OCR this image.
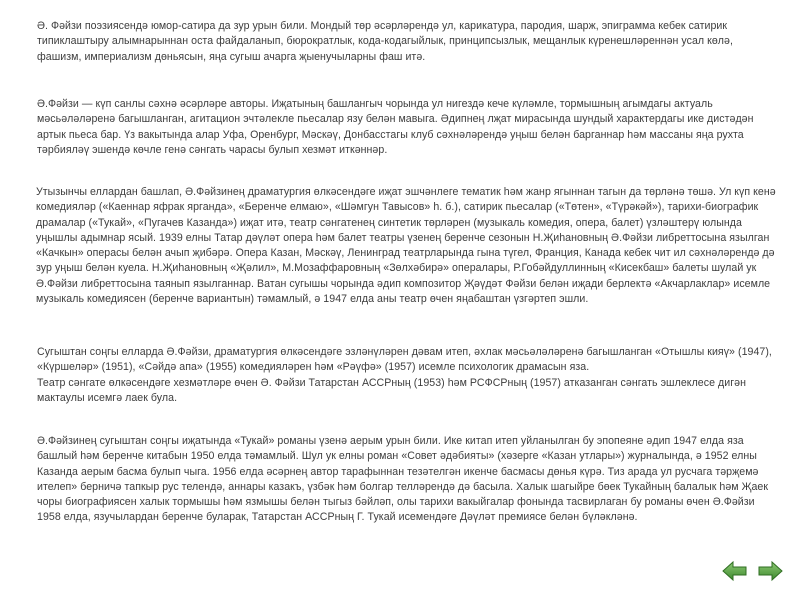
Ә. Фәйзи поэзиясендә юмор-сатира да зур урын били. Мондый төр әсәрләрендә ул, карикатура, пародия, шарж, эпиграмма кебек сатирик типиклаштыру алымнарыннан оста файдаланып, бюрократлык, кода-кодагыйлык, принципсызлык, мещанлык күренешләреннән усал көлә, фашизм, империализм дөньясын, яңа сугыш ачарга җыенучыларны фаш итә.

Ә.Фәйзи — күп санлы сәхнә әсәрләре авторы. Иҗатының башлангыч чорында ул нигездә кече күләмле, тормышның агымдагы актуаль мәсьәләләренә багышланган, агитацион эчтәлекле пьесалар язу белән мавыга. Әдипнең лҗат мирасында шундый характердагы ике дистәдән артык пьеса бар. Үз вакытында алар Уфа, Оренбург, Мәскәү, Донбасстагы клуб сәхнәләрендә уңыш белән барганнар һәм массаны яңа рухта тәрбияләү эшендә көчле генә сәнгать чарасы булып хезмәт иткәннәр.

Утызынчы еллардан башлап, Ә.Фәйзинең драматургия өлкәсендәге иҗат эшчәнлеге тематик һәм жанр ягыннан тагын да төрләнә төшә. Ул күп кенә комедияләр («Каеннар яфрак ярганда», «Беренче елмаю», «Шәмгун Тавысов» һ. б.), сатирик пьесалар («Төтен», «Түрәкәй»), тарихи-биографик драмалар («Тукай», «Пугачев Казанда») иҗат итә, театр сәнгатенең синтетик төрләрен (музыкаль комедия, опера, балет) үзләштерү юлында уңышлы адымнар ясый. 1939 елны Татар дәүләт опера һәм балет театры үзенең беренче сезонын Н.Җиһановның Ә.Фәйзи либреттосына язылган «Качкын» операсы белән ачып җибәрә. Опера Казан, Мәскәү, Ленинград театрларында гына түгел, Франция, Канада кебек чит ил сәхнәләрендә дә зур уңыш белән куела. Н.Җиһановның «Җәлил», М.Мозаффаровның «Зөлхәбирә» опералары, Р.Гобәйдуллинның «Кисекбаш» балеты шулай ук Ә.Фәйзи либреттосына таянып язылганнар. Ватан сугышы чорында әдип композитор Җәүдәт Фәйзи белән иҗади берлектә «Акчарлаклар» исемле музыкаль комедиясен (беренче вариантын) тәмамлый, ә 1947 елда аны театр өчен яңабаштан үзгәртеп эшли.

Сугыштан соңгы елларда Ә.Фәйзи, драматургия өлкәсендәге эзләнүләрен дәвам итеп, әхлак мәсьәләләренә багышланган «Отышлы кияү» (1947), «Күршеләр» (1951), «Сәйдә апа» (1955) комедияләрен һәм «Рәүфә» (1957) исемле психологик драмасын яза.
Театр сәнгате өлкәсендәге хезмәтләре өчен Ә. Фәйзи Татарстан АССРның (1953) һәм РСФСРның (1957) атказанган сәнгать эшлеклесе дигән мактаулы исемгә лаек була.

Ә.Фәйзинең сугыштан соңгы иҗатында «Тукай» романы үзенә аерым урын били. Ике китап итеп уйланылган бу эпопеяне әдип 1947 елда яза башлый һәм беренче китабын 1950 елда тәмамлый. Шул ук елны роман «Совет әдәбияты» (хәзерге «Казан утлары») журналында, ә 1952 елны Казанда аерым басма булып чыга. 1956 елда әсәрнең автор тарафыннан тезәтелгән икенче басмасы дөнья күрә. Тиз арада ул русчага тәрҗемә ителеп» берничә тапкыр рус телендә, аннары казакъ, үзбәк һәм болгар телләрендә дә басыла. Халык шагыйре бөек Тукайның балалык һәм Җаек чоры биографиясен халык тормышы һәм язмышы белән тыгыз бәйләп, олы тарихи вакыйгалар фонында тасвирлаган бу романы өчен Ә.Фәйзи 1958 елда, язучылардан беренче буларак, Татарстан АССРның Г. Тукай исемендәге Дәүләт премиясе белән бүләкләнә.
